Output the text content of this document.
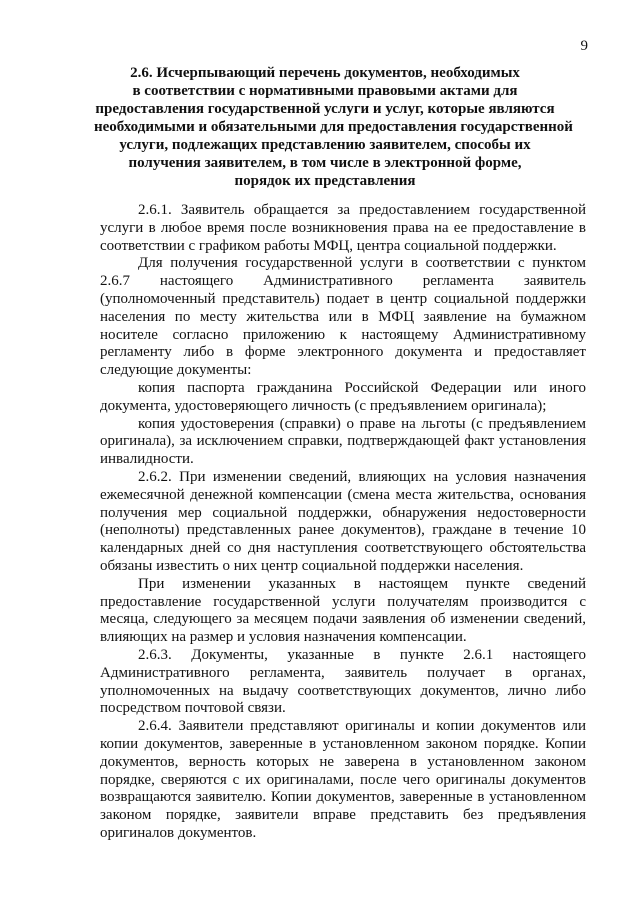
9
2.6. Исчерпывающий перечень документов, необходимых
в соответствии с нормативными правовыми актами для
предоставления государственной услуги и услуг, которые являются
необходимыми и обязательными для предоставления государственной
услуги, подлежащих представлению заявителем, способы их
получения заявителем, в том числе в электронной форме,
порядок их представления

2.6.1. Заявитель обращается за предоставлением государственной услуги в любое время после возникновения права на ее предоставление в соответствии с графиком работы МФЦ, центра социальной поддержки.

Для получения государственной услуги в соответствии с пунктом 2.6.7 настоящего Административного регламента заявитель (уполномоченный представитель) подает в центр социальной поддержки населения по месту жительства или в МФЦ заявление на бумажном носителе согласно приложению к настоящему Административному регламенту либо в форме электронного документа и предоставляет следующие документы:

копия паспорта гражданина Российской Федерации или иного документа, удостоверяющего личность (с предъявлением оригинала);

копия удостоверения (справки) о праве на льготы (с предъявлением оригинала), за исключением справки, подтверждающей факт установления инвалидности.

2.6.2. При изменении сведений, влияющих на условия назначения ежемесячной денежной компенсации (смена места жительства, основания получения мер социальной поддержки, обнаружения недостоверности (неполноты) представленных ранее документов), граждане в течение 10 календарных дней со дня наступления соответствующего обстоятельства обязаны известить о них центр социальной поддержки населения.

При изменении указанных в настоящем пункте сведений предоставление государственной услуги получателям производится с месяца, следующего за месяцем подачи заявления об изменении сведений, влияющих на размер и условия назначения компенсации.

2.6.3. Документы, указанные в пункте 2.6.1 настоящего Административного регламента, заявитель получает в органах, уполномоченных на выдачу соответствующих документов, лично либо посредством почтовой связи.

2.6.4. Заявители представляют оригиналы и копии документов или копии документов, заверенные в установленном законом порядке. Копии документов, верность которых не заверена в установленном законом порядке, сверяются с их оригиналами, после чего оригиналы документов возвращаются заявителю. Копии документов, заверенные в установленном законом порядке, заявители вправе представить без предъявления оригиналов документов.
